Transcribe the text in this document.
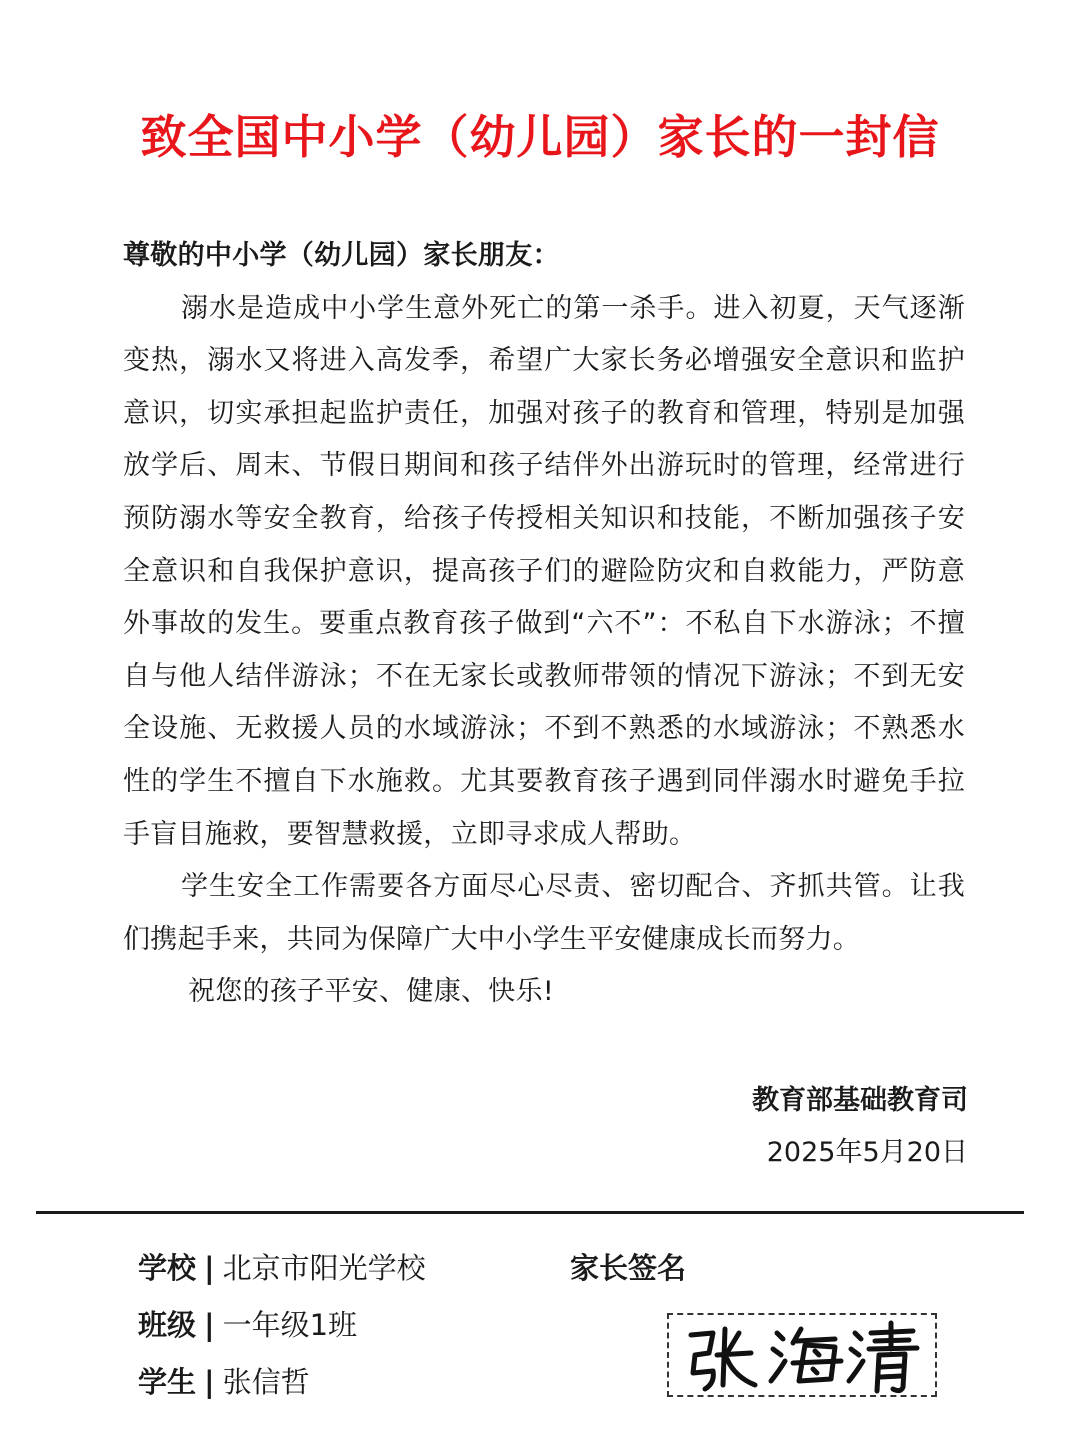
致全国中小学（幼儿园）家长的一封信

尊敬的中小学（幼儿园）家长朋友：

溺水是造成中小学生意外死亡的第一杀手。进入初夏，天气逐渐变热，溺水又将进入高发季，希望广大家长务必增强安全意识和监护意识，切实承担起监护责任，加强对孩子的教育和管理，特别是加强放学后、周末、节假日期间和孩子结伴外出游玩时的管理，经常进行预防溺水等安全教育，给孩子传授相关知识和技能，不断加强孩子安全意识和自我保护意识，提高孩子们的避险防灾和自救能力，严防意外事故的发生。要重点教育孩子做到“六不”：不私自下水游泳；不擅自与他人结伴游泳；不在无家长或教师带领的情况下游泳；不到无安全设施、无救援人员的水域游泳；不到不熟悉的水域游泳；不熟悉水性的学生不擅自下水施救。尤其要教育孩子遇到同伴溺水时避免手拉手盲目施救，要智慧救援，立即寻求成人帮助。

学生安全工作需要各方面尽心尽责、密切配合、齐抓共管。让我们携起手来，共同为保障广大中小学生平安健康成长而努力。

祝您的孩子平安、健康、快乐!

教育部基础教育司
2025年5月20日
学校 | 北京市阳光学校
班级 | 一年级1班
学生 | 张信哲
家长签名
